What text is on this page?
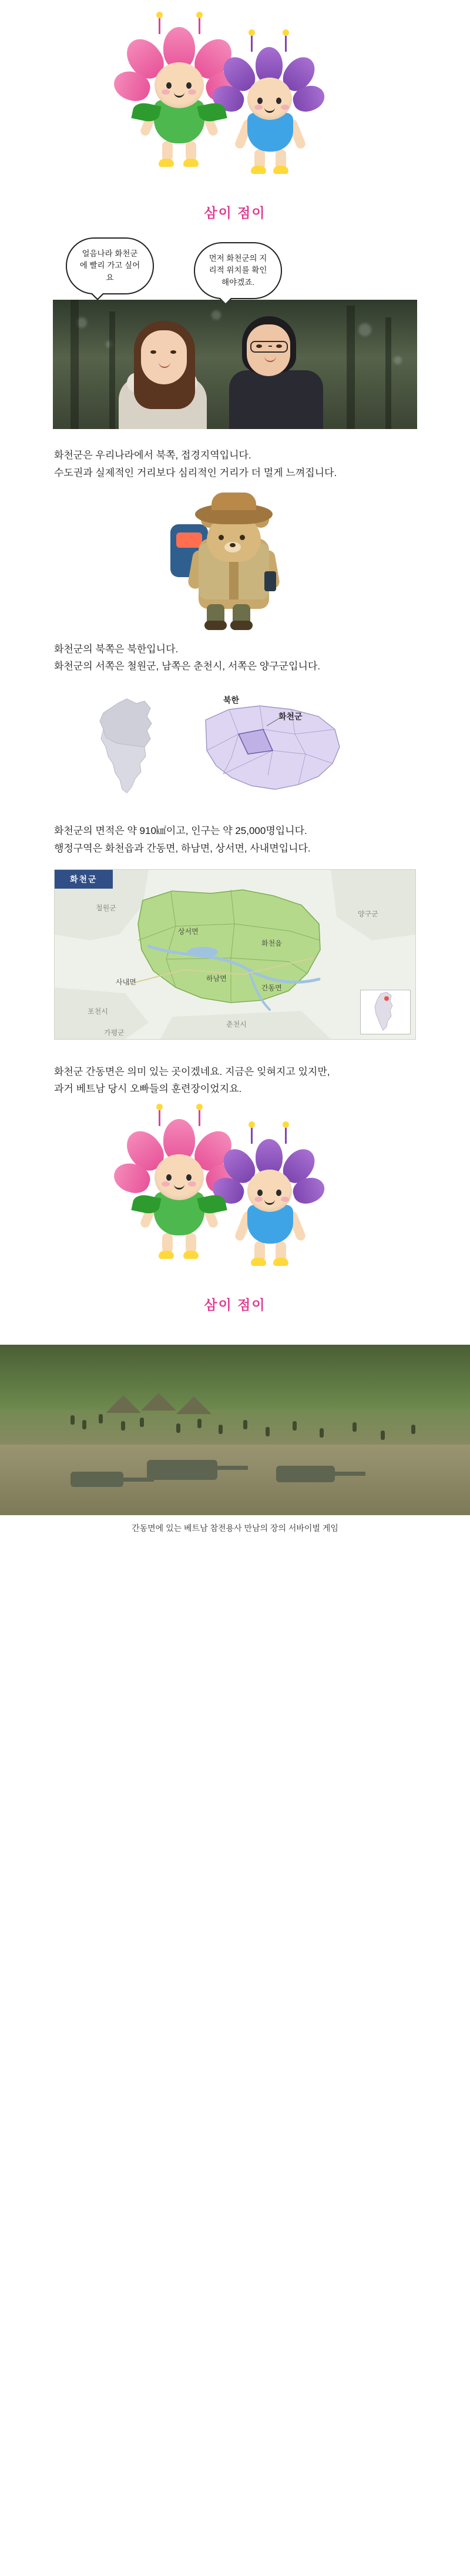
삼이 점이
얼음나라 화천군에 빨리 가고 싶어요
먼저 화천군의 지리적 위치를 확인해야겠죠.
화천군은 우리나라에서 북쪽, 접경지역입니다.
수도권과 실제적인 거리보다 심리적인 거리가 더 멀게 느껴집니다.
화천군의 북쪽은 북한입니다.
화천군의 서쪽은 철원군, 남쪽은 춘천시, 서쪽은 양구군입니다.
북한
화천군
화천군의 면적은 약 910㎢이고, 인구는 약 25,000명입니다.
행정구역은 화천읍과 간동면, 하남면, 상서면, 사내면입니다.
화천군
상서면
화천읍
하남면
간동면
사내면
철원군
양구군
포천시
가평군
춘천시
화천군 간동면은 의미 있는 곳이겠네요. 지금은 잊혀지고 있지만,
과거 베트남 당시 오빠들의 훈련장이었지요.
삼이 점이
간동면에 있는 베트남 참전용사 만남의 장의 서바이벌 게임
